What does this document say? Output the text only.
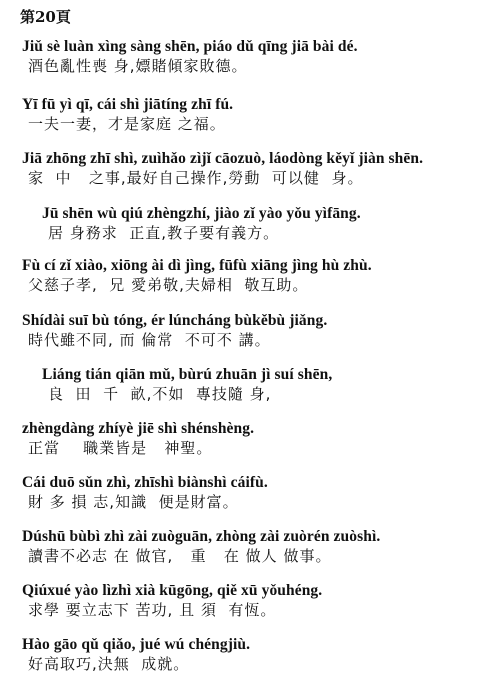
第20頁
Jiǔ sè luàn xìng sàng shēn, piáo dǔ qīng jiā bài dé.
酒色亂性喪 身,嫖賭傾家敗德。
Yī fū yì qī, cái shì jiātíng zhī fú.
一夫一妻，才是家庭 之福。
Jiā zhōng zhī shì, zuìhǎo zìjǐ cāozuò, láodòng kěyǐ jiàn shēn.
家  中   之事,最好自己操作,勞動  可以健  身。
Jū shēn wù qiú zhèngzhí, jiào zǐ yào yǒu yìfāng.
居 身務求  正直,教子要有義方。
Fù cí zǐ xiào, xiōng ài dì jìng, fūfù xiāng jìng hù zhù.
父慈子孝,  兄 愛弟敬,夫婦相  敬互助。
Shídài suī bù tóng, ér lúncháng bùkěbù jiǎng.
時代雖不同, 而 倫常  不可不 講。
Liáng tián qiān mǔ, bùrú zhuān jì suí shēn,
良  田  千  畝,不如  專技隨 身,
zhèngdàng zhíyè jiē shì shénshèng.
正當    職業皆是   神聖。
Cái duō sǔn zhì, zhīshì biànshì cáifù.
財 多 損 志,知識  便是財富。
Dúshū bùbì zhì zài zuòguān, zhòng zài zuòrén zuòshì.
讀書不必志 在 做官,   重   在 做人 做事。
Qiúxué yào lìzhì xià kūgōng, qiě xū yǒuhéng.
求學 要立志下 苦功, 且 須  有恆。
Hào gāo qǔ qiǎo, jué wú chéngjiù.
好高取巧,決無  成就。
